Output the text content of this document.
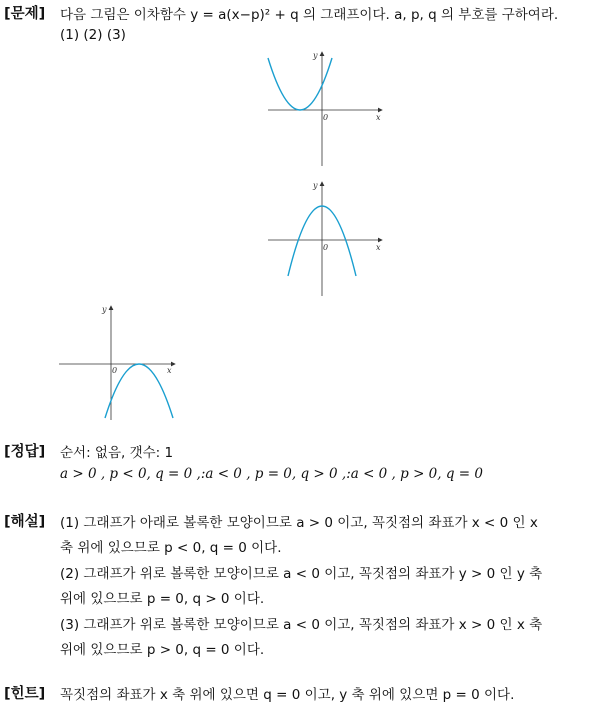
[문제] 다음 그림은 이차함수 y = a(x−p)² + q 의 그래프이다. a, p, q 의 부호를 구하여라.
(1) (2) (3)
y
x
0
y
x
0
y
x
0
[정답] 순서: 없음, 갯수: 1
a > 0 , p < 0, q = 0 ,:a < 0 , p = 0, q > 0 ,:a < 0 , p > 0, q = 0
[해설] (1) 그래프가 아래로 볼록한 모양이므로 a > 0 이고, 꼭짓점의 좌표가 x < 0 인 x
축 위에 있으므로 p < 0, q = 0 이다.
(2) 그래프가 위로 볼록한 모양이므로 a < 0 이고, 꼭짓점의 좌표가 y > 0 인 y 축
위에 있으므로 p = 0, q > 0 이다.
(3) 그래프가 위로 볼록한 모양이므로 a < 0 이고, 꼭짓점의 좌표가 x > 0 인 x 축
위에 있으므로 p > 0, q = 0 이다.
[힌트] 꼭짓점의 좌표가 x 축 위에 있으면 q = 0 이고, y 축 위에 있으면 p = 0 이다.
